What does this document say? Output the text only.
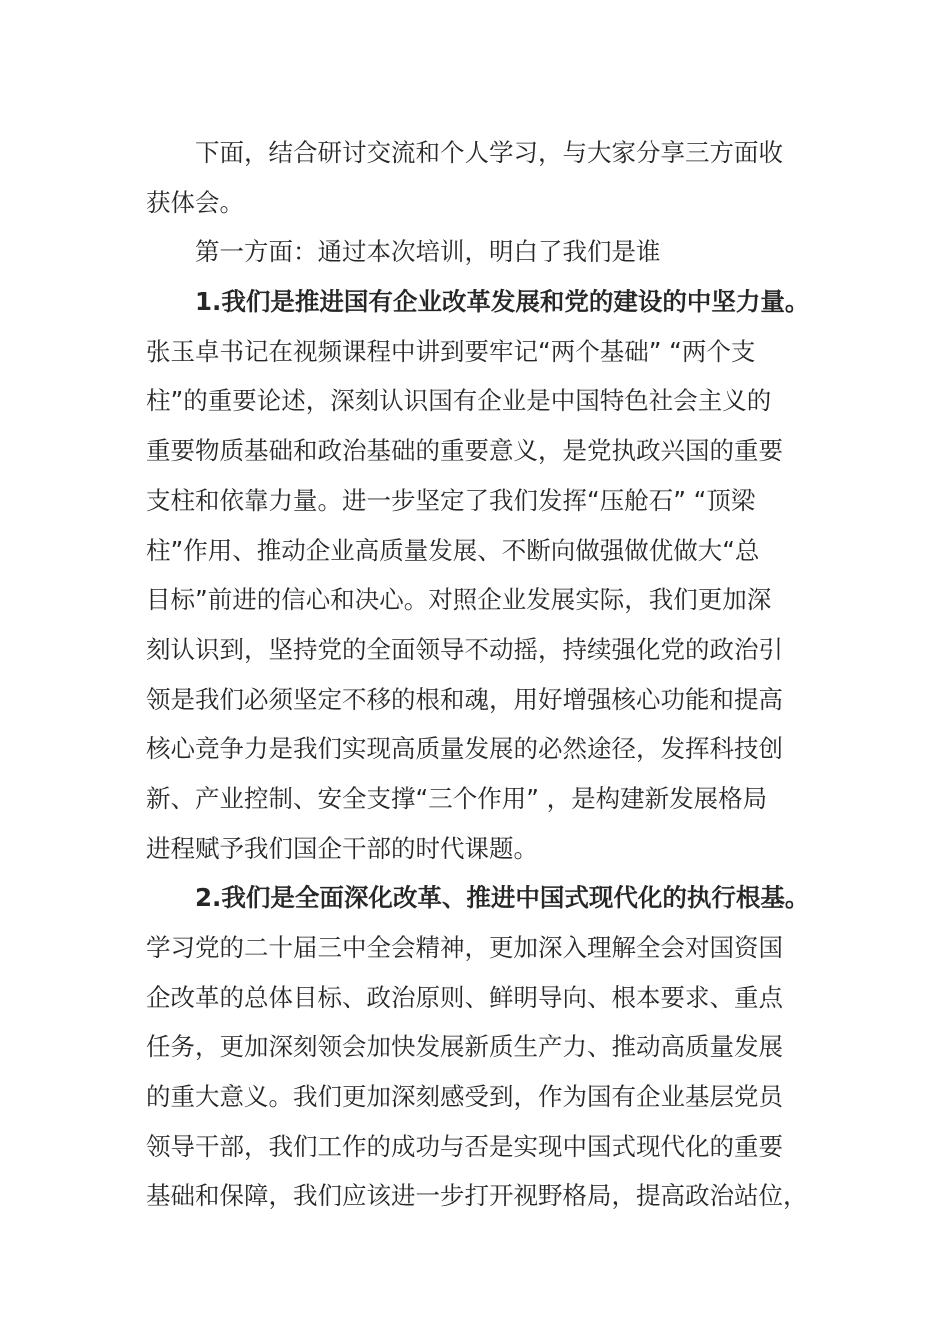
下面，结合研讨交流和个人学习，与大家分享三方面收
获体会。
第一方面：通过本次培训，明白了我们是谁
1.我们是推进国有企业改革发展和党的建设的中坚力量。
张玉卓书记在视频课程中讲到要牢记“两个基础” “两个支
柱”的重要论述，深刻认识国有企业是中国特色社会主义的
重要物质基础和政治基础的重要意义，是党执政兴国的重要
支柱和依靠力量。进一步坚定了我们发挥“压舱石” “顶梁
柱”作用、推动企业高质量发展、不断向做强做优做大“总
目标”前进的信心和决心。对照企业发展实际，我们更加深
刻认识到，坚持党的全面领导不动摇，持续强化党的政治引
领是我们必须坚定不移的根和魂，用好增强核心功能和提高
核心竞争力是我们实现高质量发展的必然途径，发挥科技创
新、产业控制、安全支撑“三个作用” ，是构建新发展格局
进程赋予我们国企干部的时代课题。
2.我们是全面深化改革、推进中国式现代化的执行根基。
学习党的二十届三中全会精神，更加深入理解全会对国资国
企改革的总体目标、政治原则、鲜明导向、根本要求、重点
任务，更加深刻领会加快发展新质生产力、推动高质量发展
的重大意义。我们更加深刻感受到，作为国有企业基层党员
领导干部，我们工作的成功与否是实现中国式现代化的重要
基础和保障，我们应该进一步打开视野格局，提高政治站位，
